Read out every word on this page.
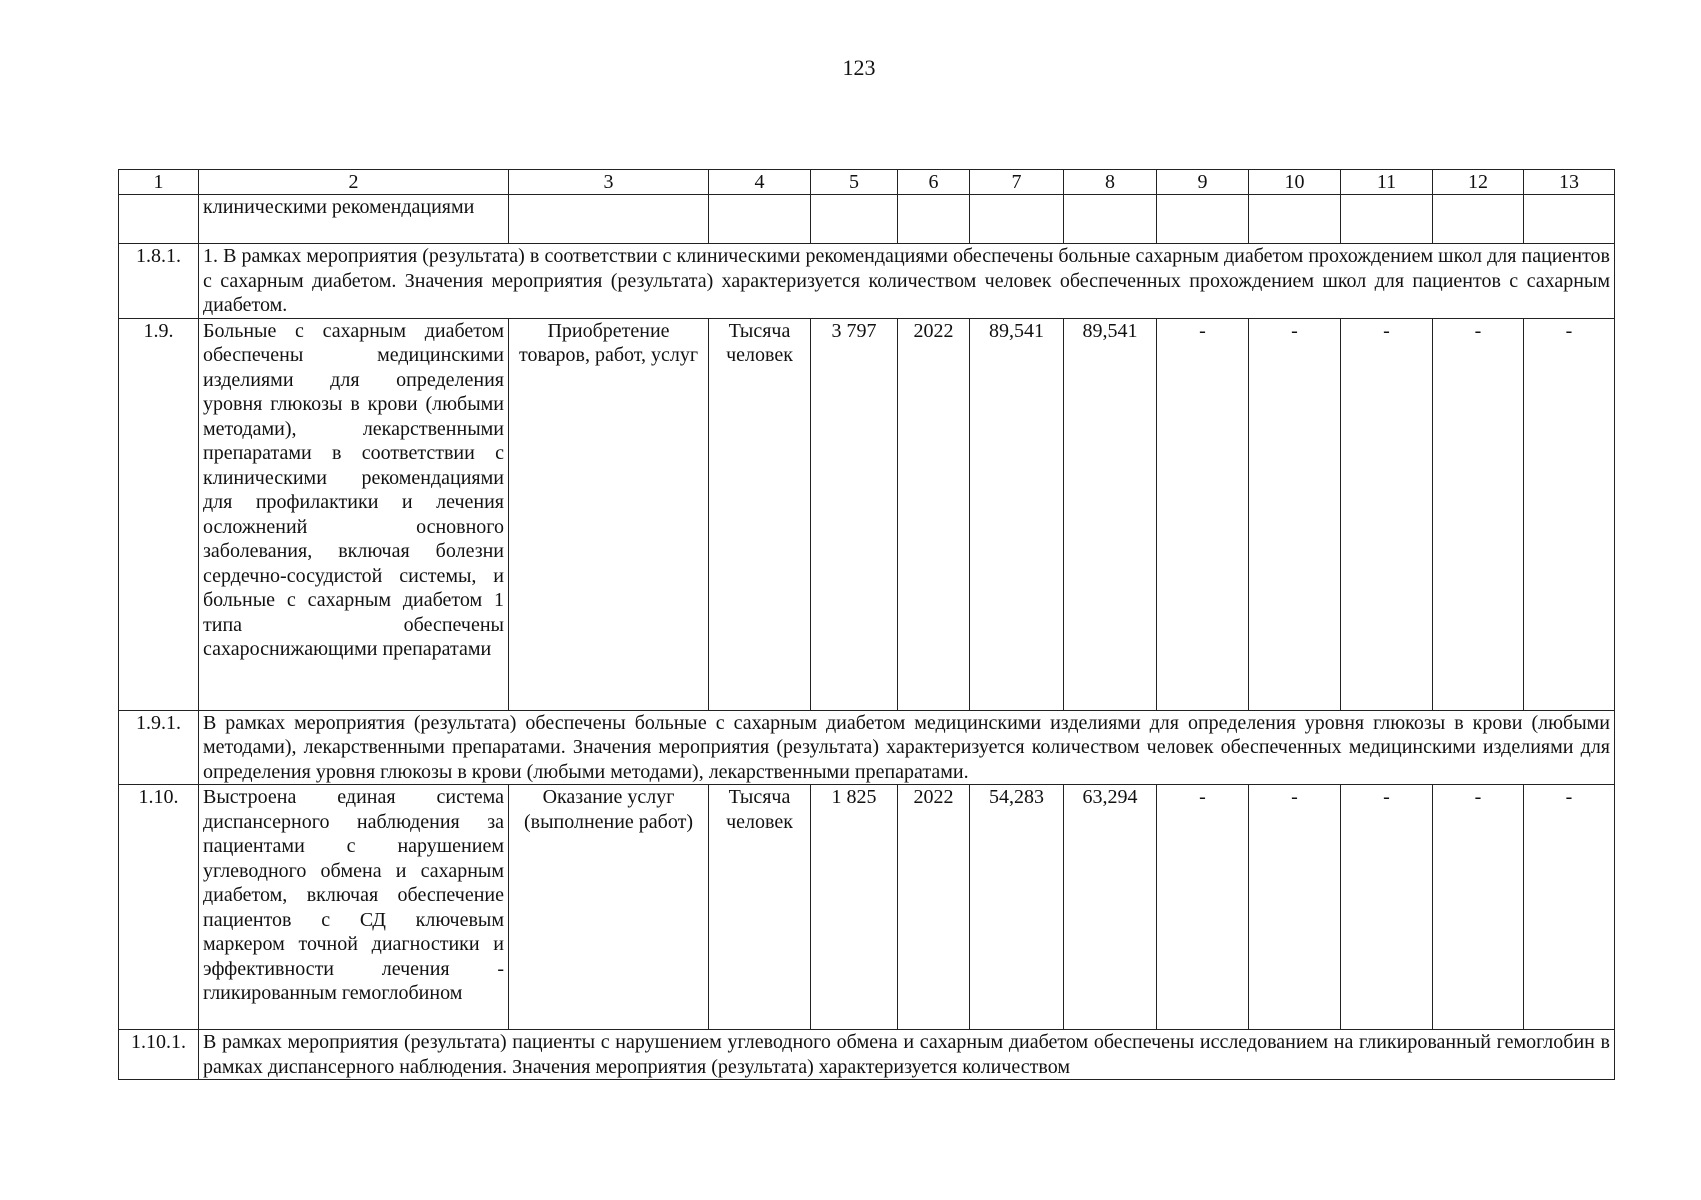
123
1	2	3	4	5	6	7	8	9	10	11	12	13
	клиническими рекомендациями											
1.8.1.	1. В рамках мероприятия (результата) в соответствии с клиническими рекомендациями обеспечены больные сахарным диабетом прохождением школ для пациентов с сахарным диабетом. Значения мероприятия (результата) характеризуется количеством человек обеспеченных прохождением школ для пациентов с сахарным диабетом.											
1.9.	Больные с сахарным диабетом обеспечены медицинскими изделиями для определения уровня глюкозы в крови (любыми методами), лекарственными препаратами в соответствии с клиническими рекомендациями для профилактики и лечения осложнений основного заболевания, включая болезни сердечно-сосудистой системы, и больные с сахарным диабетом 1 типа обеспечены сахароснижающими препаратами	Приобретение товаров, работ, услуг	Тысяча человек	3 797	2022	89,541	89,541	-	-	-	-	-
1.9.1.	В рамках мероприятия (результата) обеспечены больные с сахарным диабетом медицинскими изделиями для определения уровня глюкозы в крови (любыми методами), лекарственными препаратами. Значения мероприятия (результата) характеризуется количеством человек обеспеченных медицинскими изделиями для определения уровня глюкозы в крови (любыми методами), лекарственными препаратами.											
1.10.	Выстроена единая система диспансерного наблюдения за пациентами с нарушением углеводного обмена и сахарным диабетом, включая обеспечение пациентов с СД ключевым маркером точной диагностики и эффективности лечения - гликированным гемоглобином	Оказание услуг (выполнение работ)	Тысяча человек	1 825	2022	54,283	63,294	-	-	-	-	-
1.10.1.	В рамках мероприятия (результата) пациенты с нарушением углеводного обмена и сахарным диабетом обеспечены исследованием на гликированный гемоглобин в рамках диспансерного наблюдения. Значения мероприятия (результата) характеризуется количеством											
